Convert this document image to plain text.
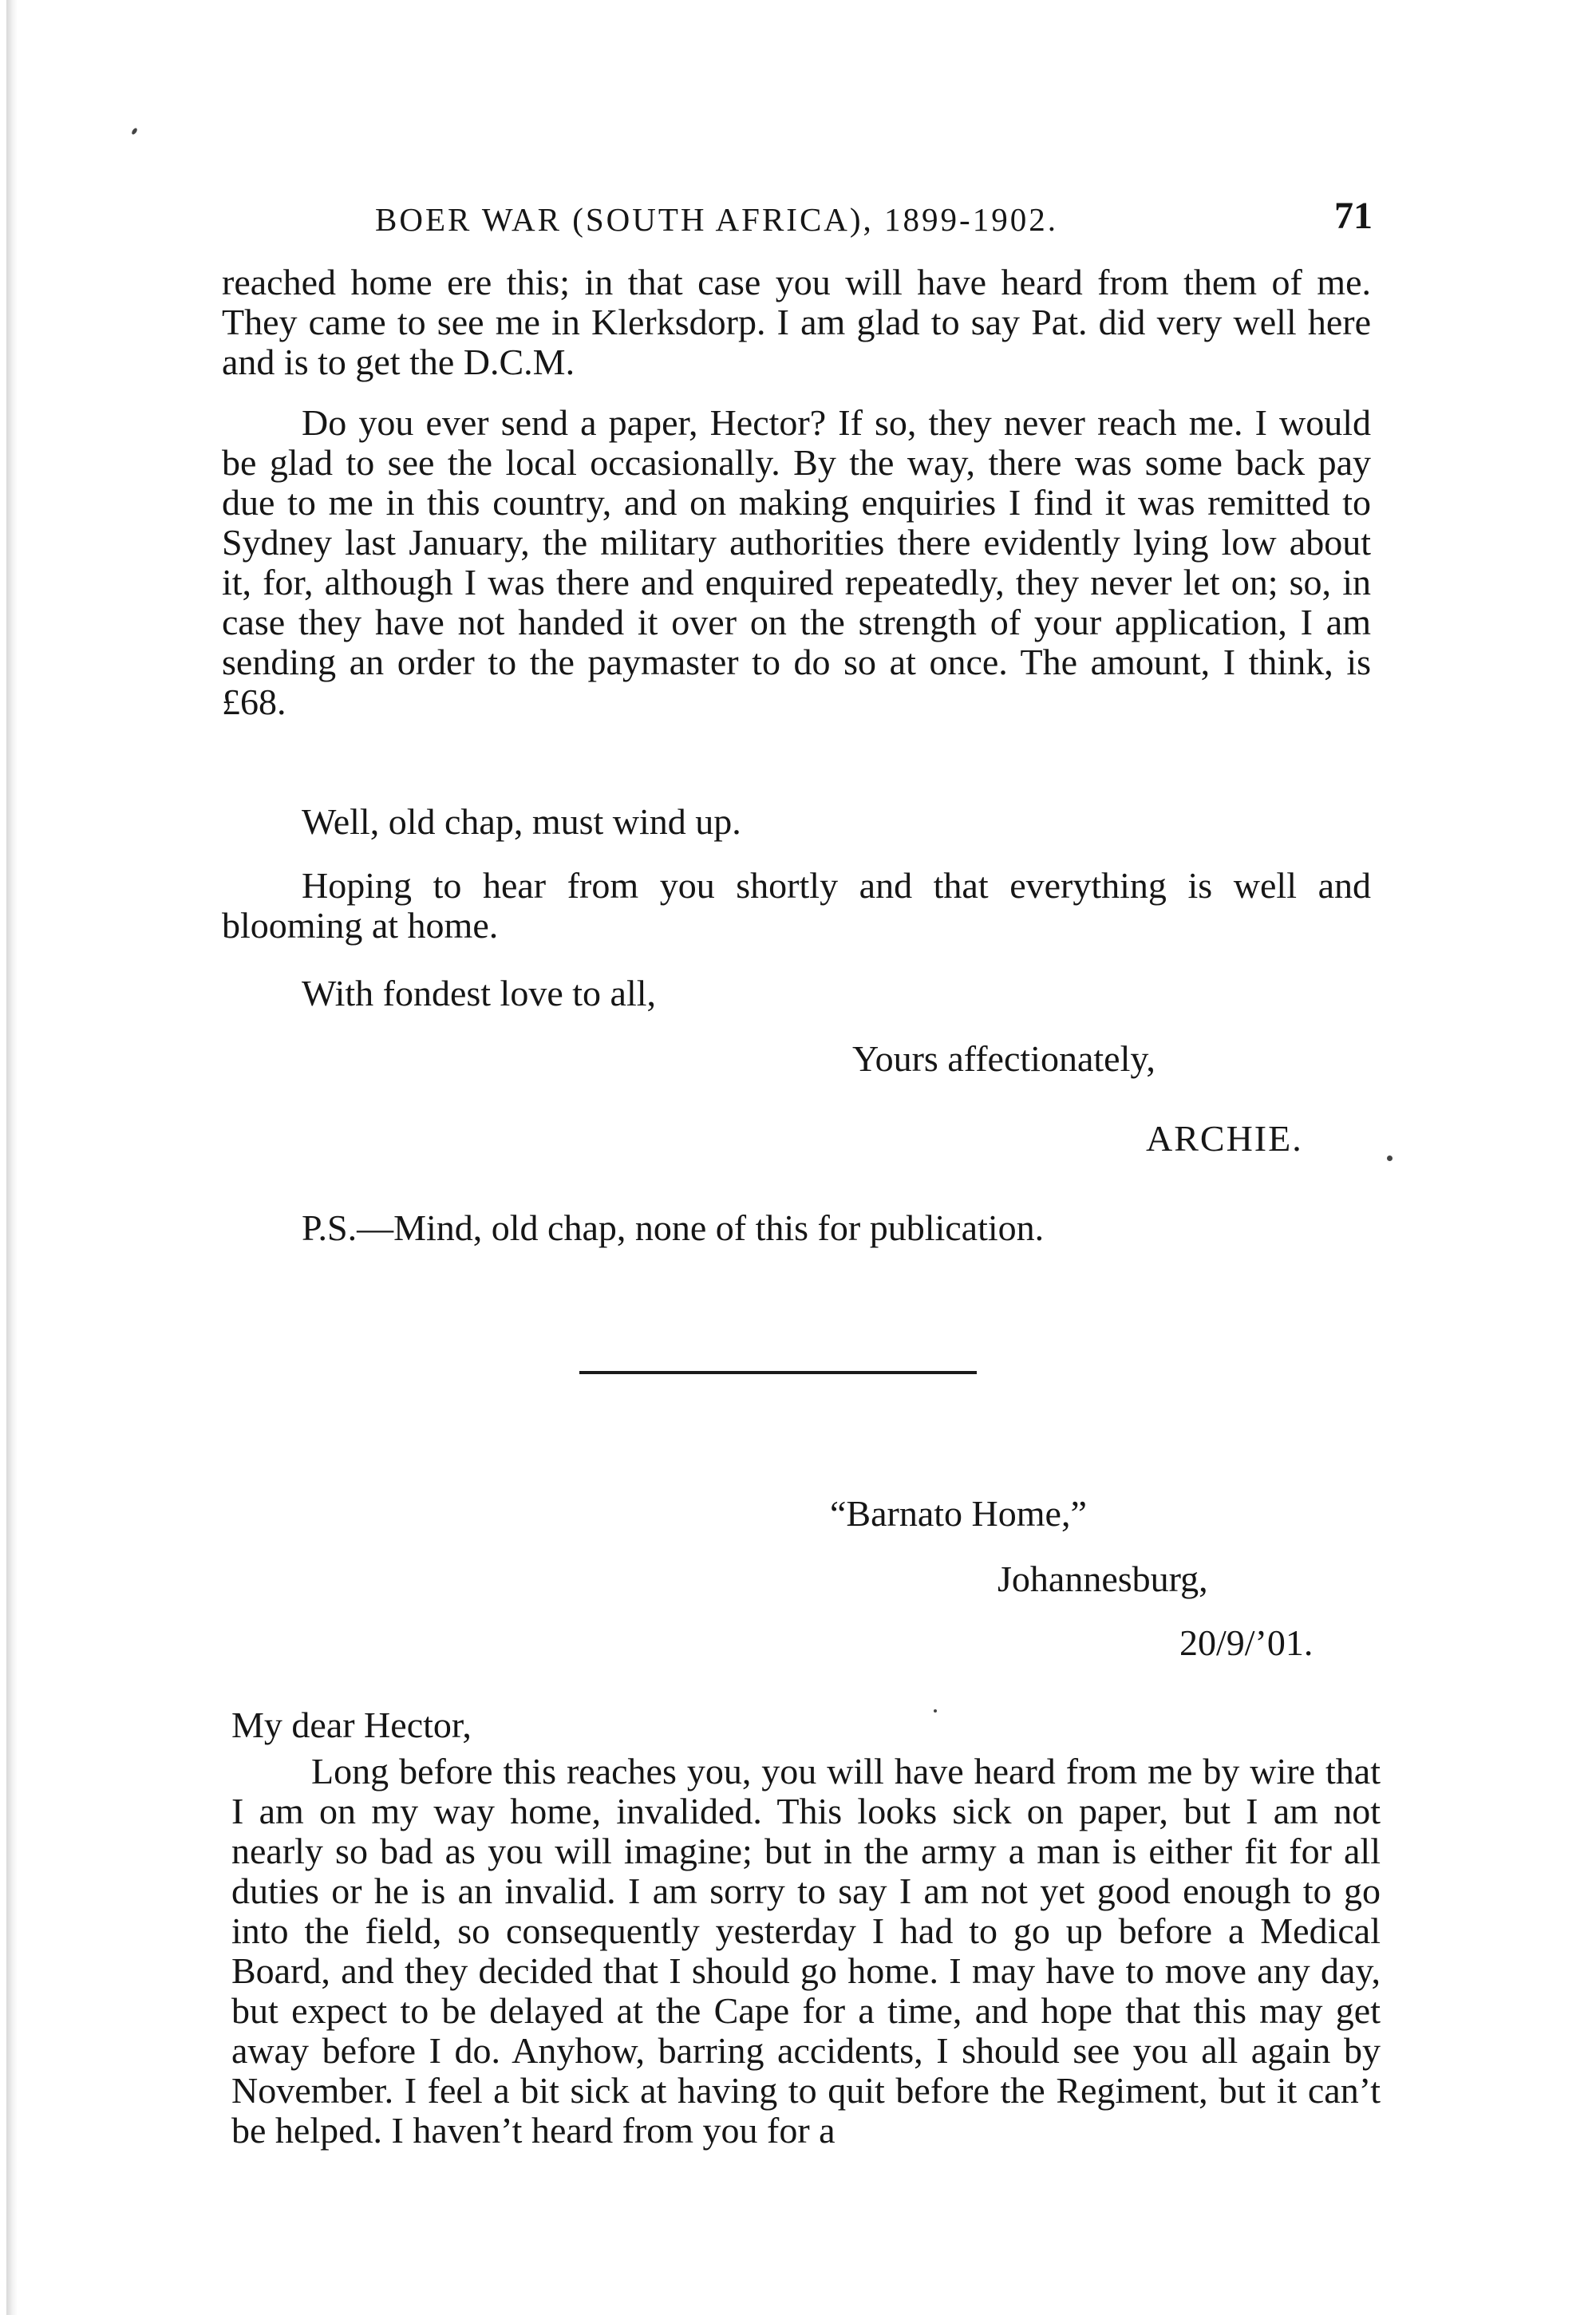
BOER WAR (SOUTH AFRICA), 1899-1902.	71

reached home ere this; in that case you will have heard from them of me. They came to see me in Klerksdorp. I am glad to say Pat. did very well here and is to get the D.C.M.

Do you ever send a paper, Hector? If so, they never reach me. I would be glad to see the local occasionally. By the way, there was some back pay due to me in this country, and on making enquiries I find it was remitted to Sydney last January, the military authorities there evidently lying low about it, for, although I was there and enquired repeatedly, they never let on; so, in case they have not handed it over on the strength of your application, I am sending an order to the paymaster to do so at once. The amount, I think, is £68.

Well, old chap, must wind up.

Hoping to hear from you shortly and that everything is well and blooming at home.

With fondest love to all,

Yours affectionately,
ARCHIE.

P.S.—Mind, old chap, none of this for publication.

“Barnato Home,”
Johannesburg,
20/9/’01.
My dear Hector,

Long before this reaches you, you will have heard from me by wire that I am on my way home, invalided. This looks sick on paper, but I am not nearly so bad as you will imagine; but in the army a man is either fit for all duties or he is an invalid. I am sorry to say I am not yet good enough to go into the field, so consequently yesterday I had to go up before a Medical Board, and they decided that I should go home. I may have to move any day, but expect to be delayed at the Cape for a time, and hope that this may get away before I do. Anyhow, barring accidents, I should see you all again by November. I feel a bit sick at having to quit before the Regiment, but it can’t be helped. I haven’t heard from you for a
